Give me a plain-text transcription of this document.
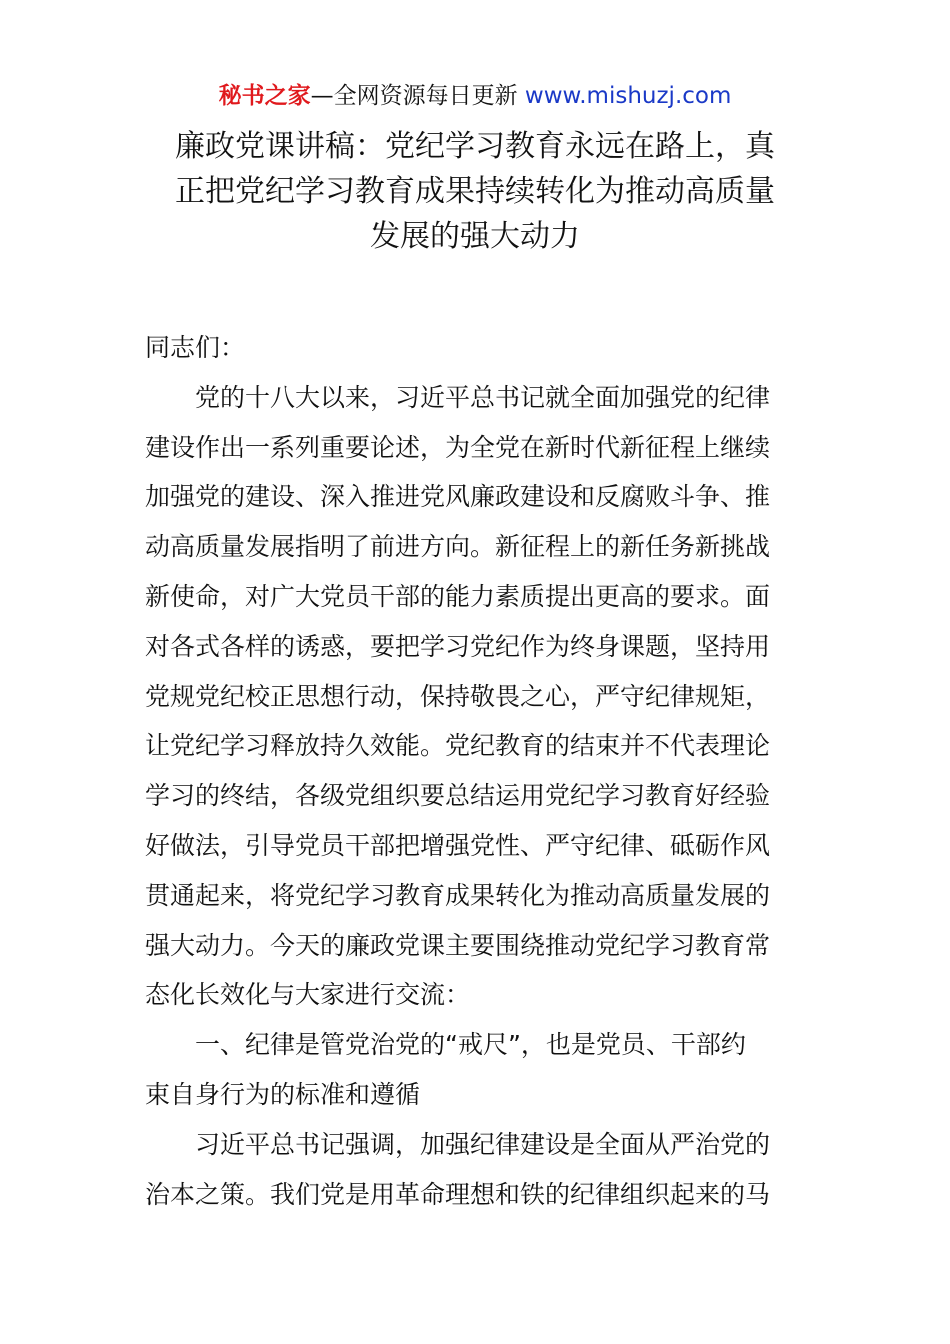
秘书之家—全网资源每日更新 www.mishuzj.com
廉政党课讲稿：党纪学习教育永远在路上，真
正把党纪学习教育成果持续转化为推动高质量
发展的强大动力
同志们：
党的十八大以来，习近平总书记就全面加强党的纪律
建设作出一系列重要论述，为全党在新时代新征程上继续
加强党的建设、深入推进党风廉政建设和反腐败斗争、推
动高质量发展指明了前进方向。新征程上的新任务新挑战
新使命，对广大党员干部的能力素质提出更高的要求。面
对各式各样的诱惑，要把学习党纪作为终身课题，坚持用
党规党纪校正思想行动，保持敬畏之心，严守纪律规矩，
让党纪学习释放持久效能。党纪教育的结束并不代表理论
学习的终结，各级党组织要总结运用党纪学习教育好经验
好做法，引导党员干部把增强党性、严守纪律、砥砺作风
贯通起来，将党纪学习教育成果转化为推动高质量发展的
强大动力。今天的廉政党课主要围绕推动党纪学习教育常
态化长效化与大家进行交流：
一、纪律是管党治党的“戒尺”，也是党员、干部约
束自身行为的标准和遵循
习近平总书记强调，加强纪律建设是全面从严治党的
治本之策。我们党是用革命理想和铁的纪律组织起来的马
